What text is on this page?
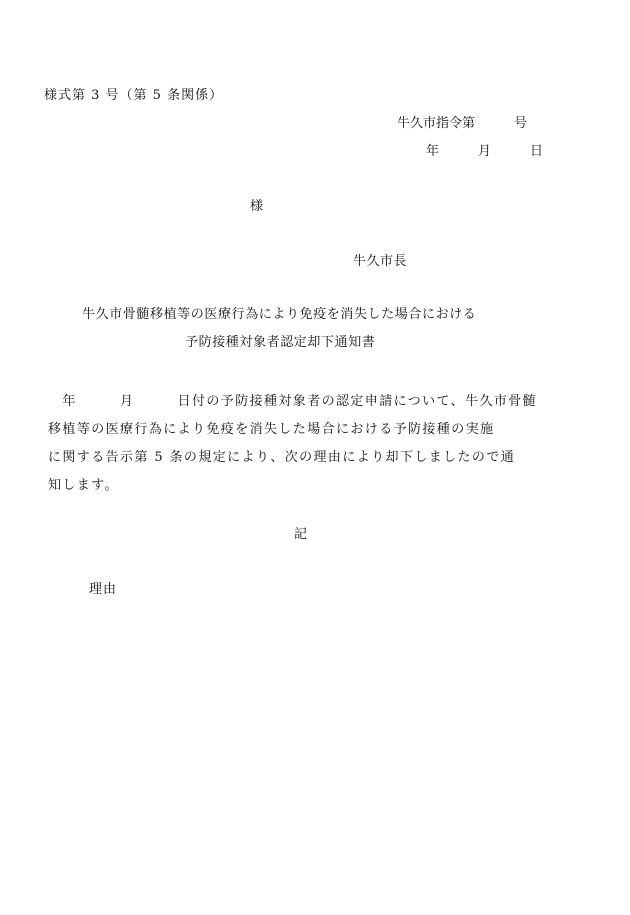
様式第 3 号（第 5 条関係）
牛久市指令第　　　号
年　　　月　　　日
様
牛久市長
牛久市骨髄移植等の医療行為により免疫を消失した場合における
予防接種対象者認定却下通知書
　年　　　月　　　日付の予防接種対象者の認定申請について、牛久市骨髄
移植等の医療行為により免疫を消失した場合における予防接種の実施
に関する告示第 5 条の規定により、次の理由により却下しましたので通
知します。
記
理由
